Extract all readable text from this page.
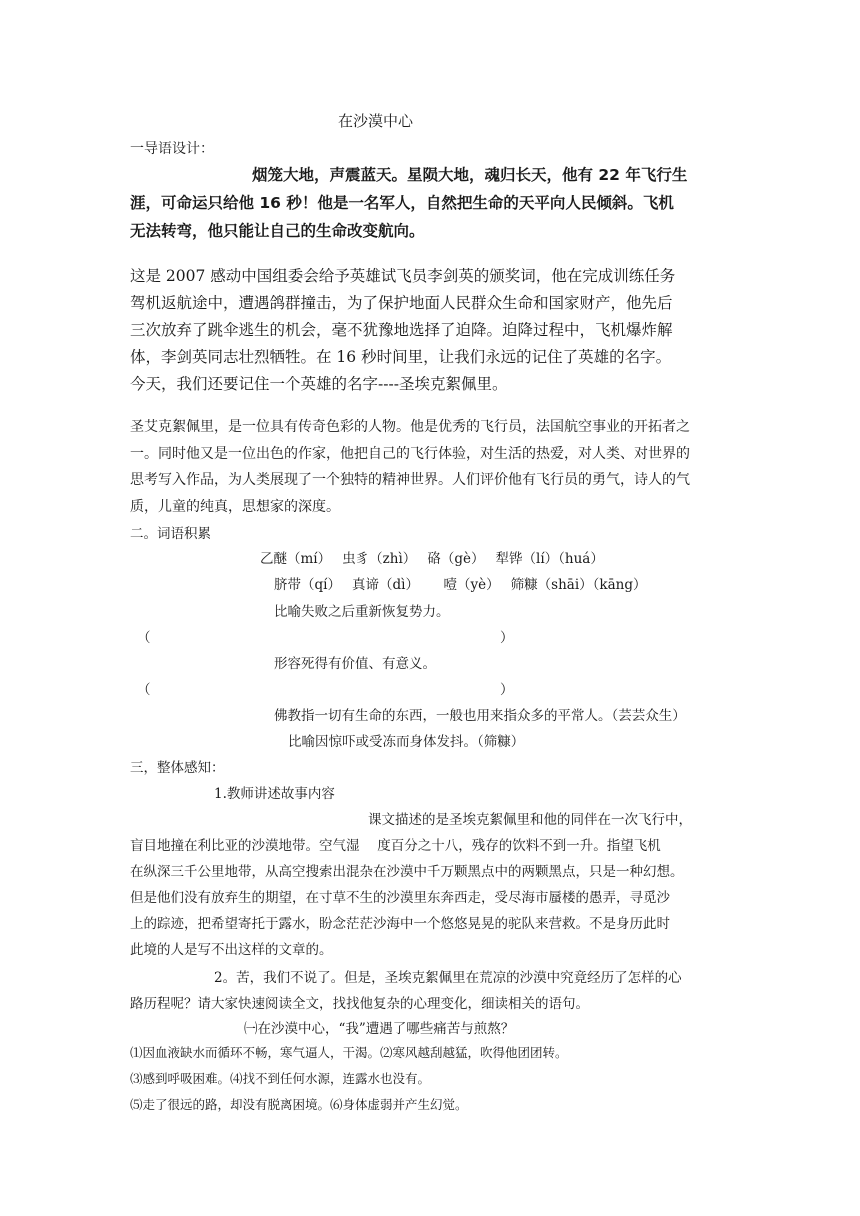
在沙漠中心
一导语设计：
烟笼大地，声震蓝天。星陨大地，魂归长天，他有 22 年飞行生
涯，可命运只给他 16 秒！他是一名军人，自然把生命的天平向人民倾斜。飞机
无法转弯，他只能让自己的生命改变航向。
这是 2007 感动中国组委会给予英雄试飞员李剑英的颁奖词，他在完成训练任务
驾机返航途中，遭遇鸽群撞击，为了保护地面人民群众生命和国家财产，他先后
三次放弃了跳伞逃生的机会，毫不犹豫地选择了迫降。迫降过程中，飞机爆炸解
体，李剑英同志壮烈牺牲。在 16 秒时间里，让我们永远的记住了英雄的名字。
今天，我们还要记住一个英雄的名字----圣埃克絮佩里。
圣艾克絮佩里，是一位具有传奇色彩的人物。他是优秀的飞行员，法国航空事业的开拓者之
一。同时他又是一位出色的作家，他把自己的飞行体验，对生活的热爱，对人类、对世界的
思考写入作品，为人类展现了一个独特的精神世界。人们评价他有飞行员的勇气，诗人的气
质，儿童的纯真，思想家的深度。
二。词语积累
乙醚（mí）　 虫豸（zhì）　 硌（gè）　 犁铧（lí）（huá）
脐带（qí）　 真谛（dì）　　 噎（yè）　 筛糠（shāi）（kāng）
比喻失败之后重新恢复势力。
（	）
形容死得有价值、有意义。
（	）
佛教指一切有生命的东西，一般也用来指众多的平常人。（芸芸众生）
比喻因惊吓或受冻而身体发抖。（筛糠）
三，整体感知：
1.教师讲述故事内容
课文描述的是圣埃克絮佩里和他的同伴在一次飞行中，
盲目地撞在利比亚的沙漠地带。空气湿　 度百分之十八，残存的饮料不到一升。指望飞机
在纵深三千公里地带，从高空搜索出混杂在沙漠中千万颗黑点中的两颗黑点，只是一种幻想。
但是他们没有放弃生的期望，在寸草不生的沙漠里东奔西走，受尽海市蜃楼的愚弄，寻觅沙
上的踪迹，把希望寄托于露水，盼念茫茫沙海中一个悠悠晃晃的驼队来营救。不是身历此时
此境的人是写不出这样的文章的。
2。苦，我们不说了。但是，圣埃克絮佩里在荒凉的沙漠中究竟经历了怎样的心
路历程呢？请大家快速阅读全文，找找他复杂的心理变化，细读相关的语句。
㈠在沙漠中心，“我”遭遇了哪些痛苦与煎熬？
⑴因血液缺水而循环不畅，寒气逼人，干渴。⑵寒风越刮越猛，吹得他团团转。
⑶感到呼吸困难。⑷找不到任何水源，连露水也没有。
⑸走了很远的路，却没有脱离困境。⑹身体虚弱并产生幻觉。
